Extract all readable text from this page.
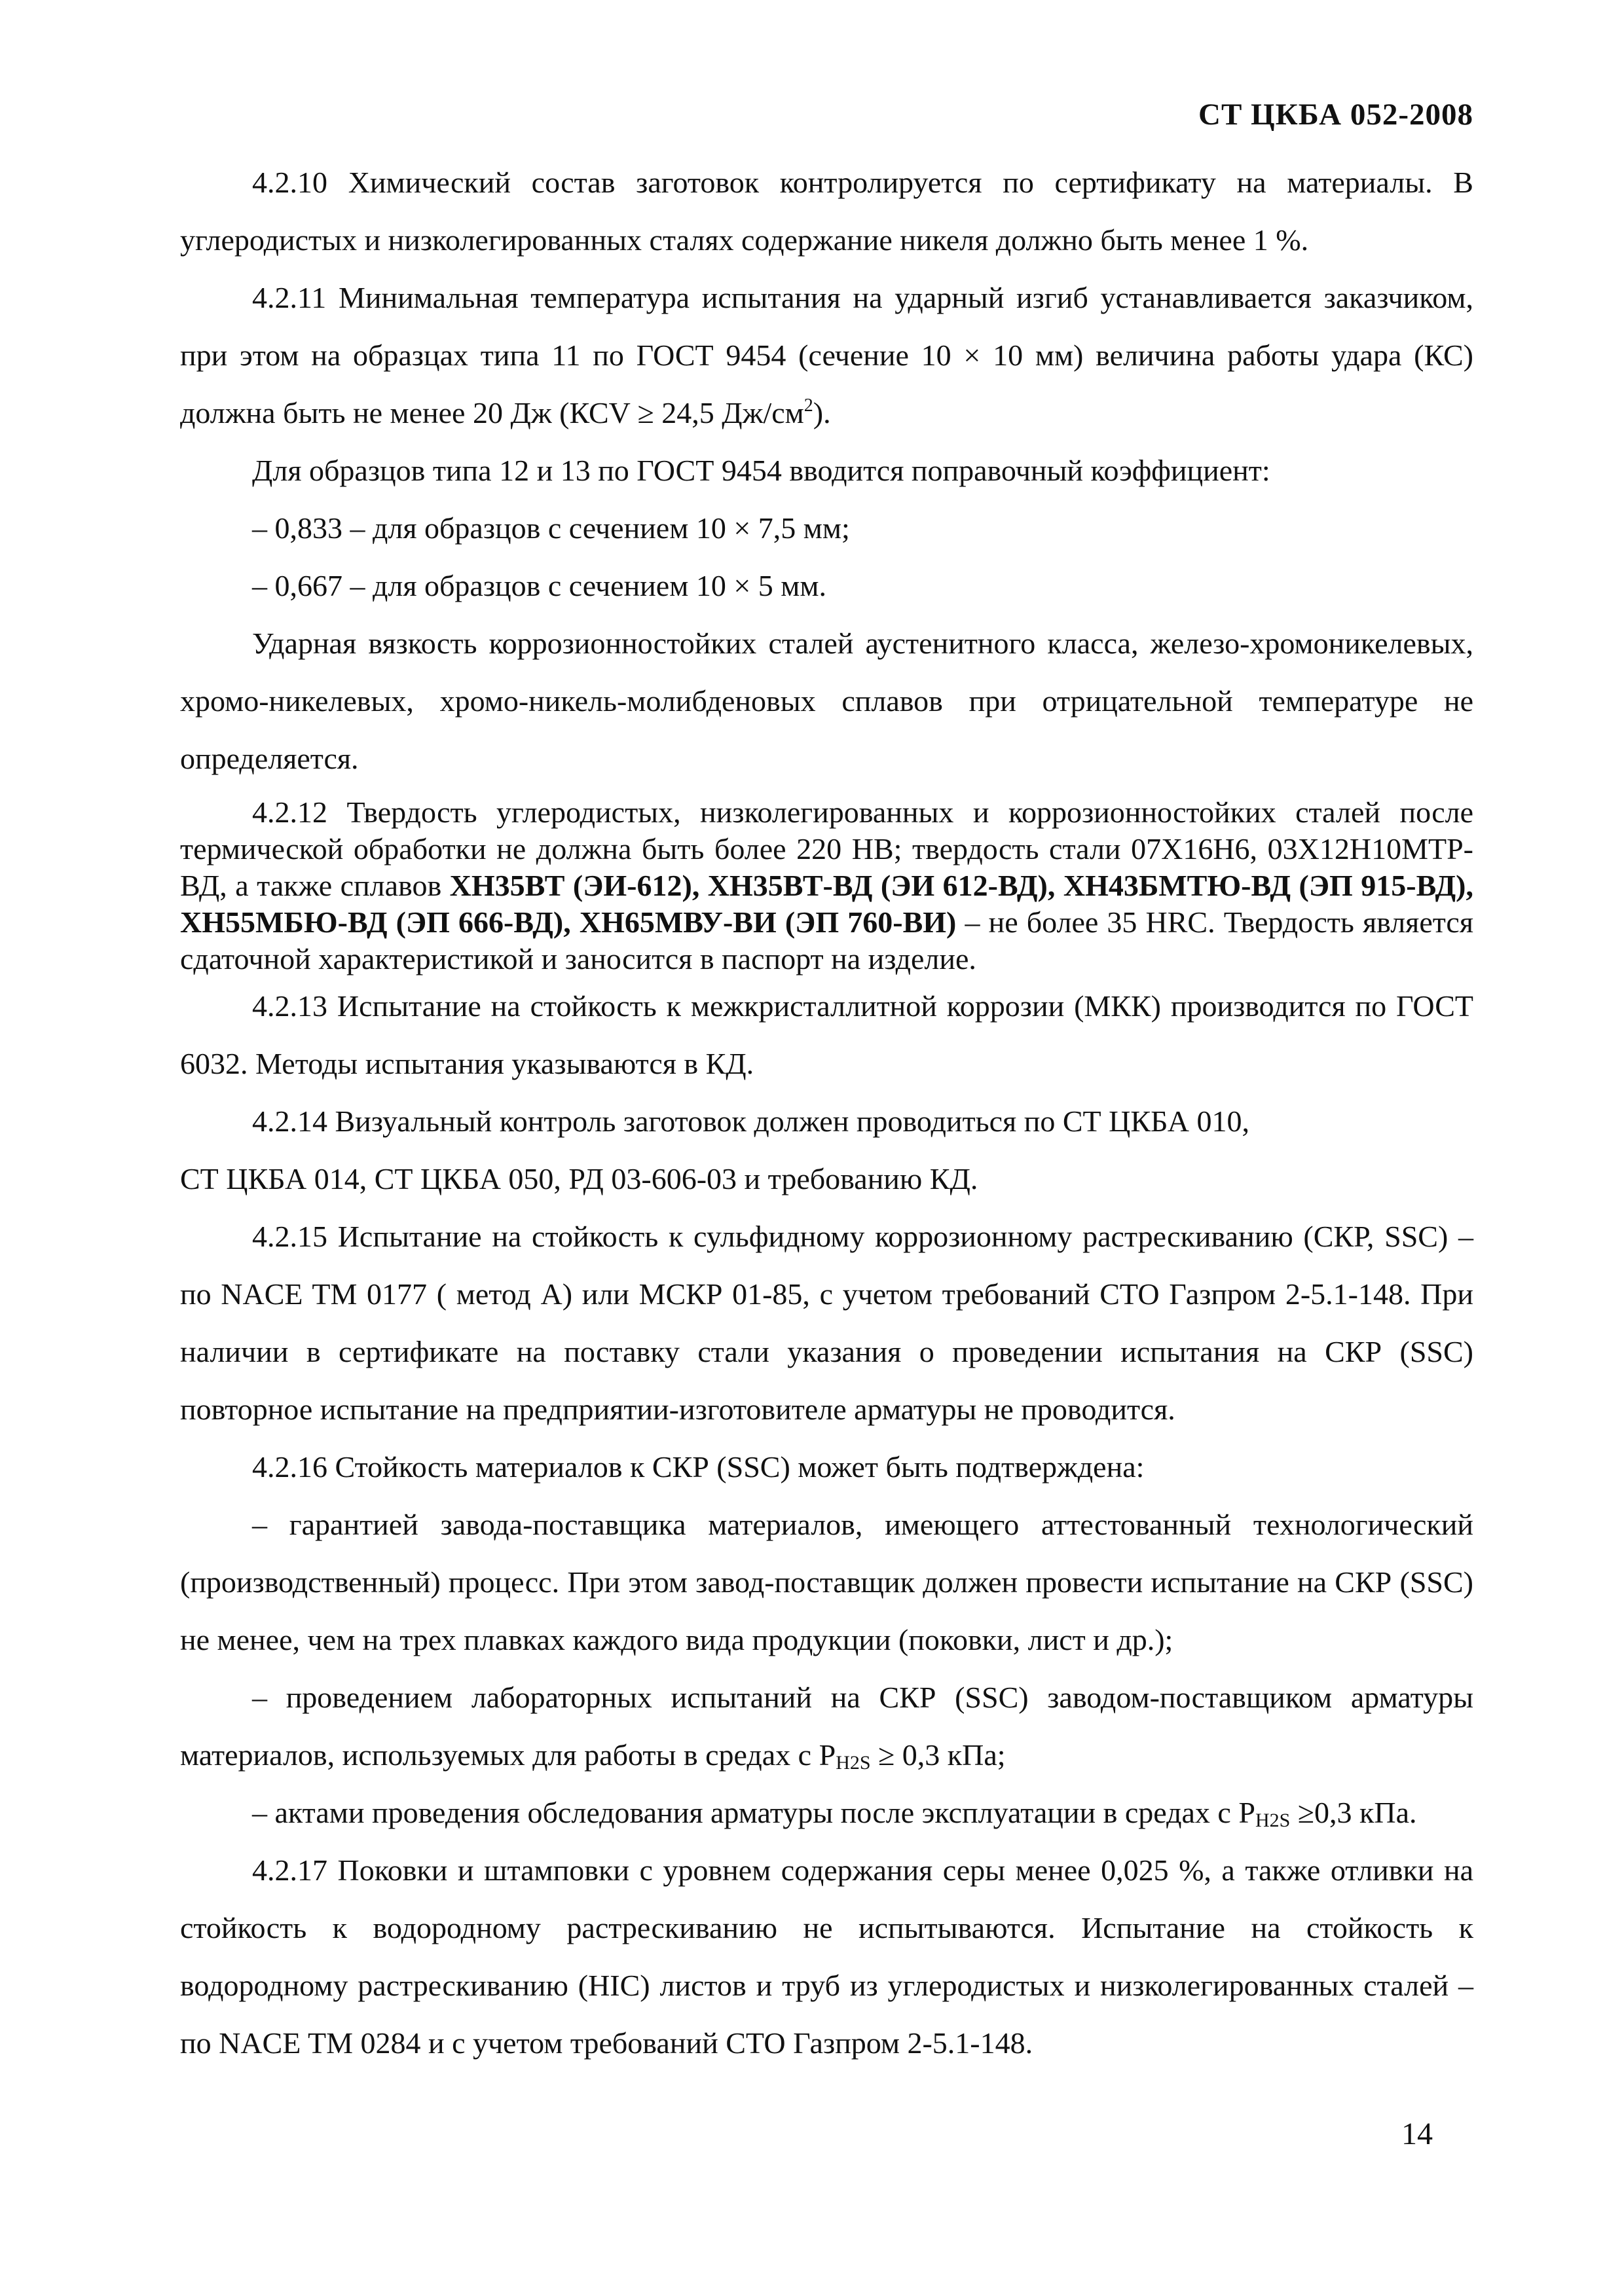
СТ ЦКБА 052-2008

4.2.10 Химический состав заготовок контролируется по сертификату на материалы. В углеродистых и низколегированных сталях содержание никеля должно быть менее 1 %.

4.2.11 Минимальная температура испытания на ударный изгиб устанавливается заказчиком, при этом на образцах типа 11 по ГОСТ 9454 (сечение 10 × 10 мм) величина работы удара (КС) должна быть не менее 20 Дж (КСV ≥ 24,5 $Дж/см^2$).

Для образцов типа 12 и 13 по ГОСТ 9454 вводится поправочный коэффициент:

– 0,833 – для образцов с сечением 10 × 7,5 мм;

– 0,667 – для образцов с сечением 10 × 5 мм.

Ударная вязкость коррозионностойких сталей аустенитного класса, железо-хромоникелевых, хромо-никелевых, хромо-никель-молибденовых сплавов при отрицательной температуре не определяется.

4.2.12 Твердость углеродистых, низколегированных и коррозионностойких сталей после термической обработки не должна быть более 220 НВ; твердость стали 07Х16Н6, 03Х12Н10МТР-ВД, а также сплавов ХН35ВТ (ЭИ-612), ХН35ВТ-ВД (ЭИ 612-ВД), ХН43БМТЮ-ВД (ЭП 915-ВД), ХН55МБЮ-ВД (ЭП 666-ВД), ХН65МВУ-ВИ (ЭП 760-ВИ) – не более 35 HRC. Твердость является сдаточной характеристикой и заносится в паспорт на изделие.

4.2.13 Испытание на стойкость к межкристаллитной коррозии (МКК) производится по ГОСТ 6032. Методы испытания указываются в КД.

4.2.14 Визуальный контроль заготовок должен проводиться по СТ ЦКБА 010,

СТ ЦКБА 014, СТ ЦКБА 050, РД 03-606-03 и требованию КД.

4.2.15 Испытание на стойкость к сульфидному коррозионному растрескиванию (СКР, SSC) – по NACE TM 0177 ( метод А) или МСКР 01-85, с учетом требований СТО Газпром 2-5.1-148. При наличии в сертификате на поставку стали указания о проведении испытания на СКР (SSC) повторное испытание на предприятии-изготовителе арматуры не проводится.

4.2.16 Стойкость материалов к СКР (SSC) может быть подтверждена:

– гарантией завода-поставщика материалов, имеющего аттестованный технологический (производственный) процесс. При этом завод-поставщик должен провести испытание на СКР (SSC) не менее, чем на трех плавках каждого вида продукции (поковки, лист и др.);

– проведением лабораторных испытаний на СКР (SSC) заводом-поставщиком арматуры материалов, используемых для работы в средах с $Р_{H2S} \ge 0,3$ кПа;

– актами проведения обследования арматуры после эксплуатации в средах с $Р_{H2S} \ge 0,3$ кПа.

4.2.17 Поковки и штамповки с уровнем содержания серы менее 0,025 %, а также отливки на стойкость к водородному растрескиванию не испытываются. Испытание на стойкость к водородному растрескиванию (HIC) листов и труб из углеродистых и низколегированных сталей – по NACE TM 0284 и с учетом требований СТО Газпром 2-5.1-148.

14
